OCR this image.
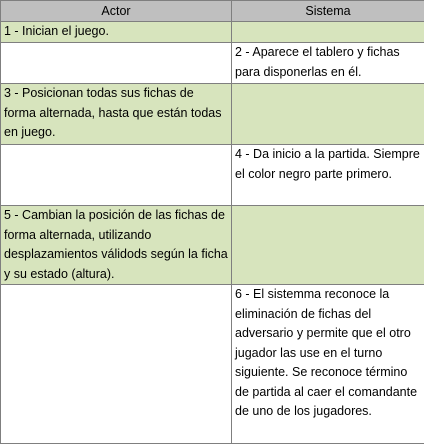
Actor	Sistema
1 - Inician el juego.	
	2 - Aparece el tablero y fichas para disponerlas en él.
3 - Posicionan todas sus fichas de forma alternada, hasta que están todas en juego.	
	4 - Da inicio a la partida. Siempre el color negro parte primero.
5 - Cambian la posición de las fichas de forma alternada, utilizando desplazamientos válidods según la ficha y su estado (altura).	
	6 - El sistemma reconoce la eliminación de fichas del adversario y permite que el otro jugador las use en el turno siguiente. Se reconoce término de partida al caer el comandante de uno de los jugadores.
